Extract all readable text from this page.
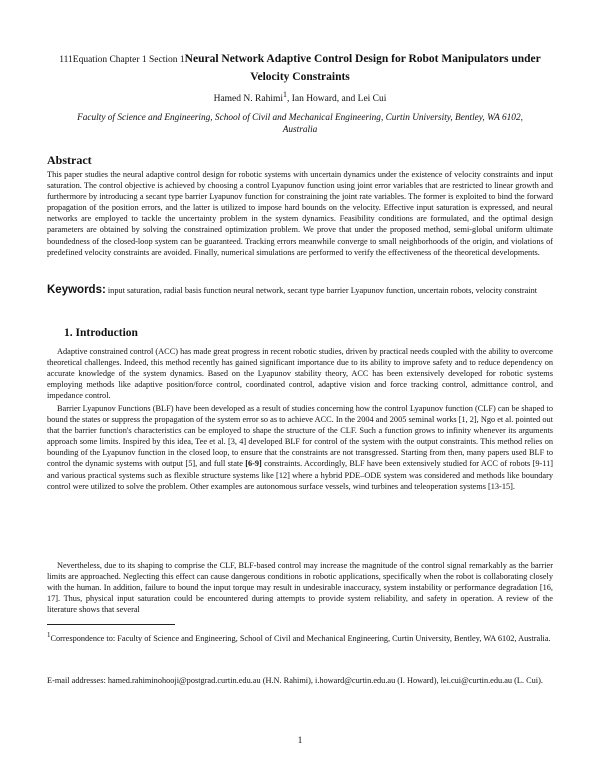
111Equation Chapter 1 Section 1Neural Network Adaptive Control Design for Robot Manipulators under Velocity Constraints
Hamed N. Rahimi$^1$, Ian Howard, and Lei Cui
Faculty of Science and Engineering, School of Civil and Mechanical Engineering, Curtin University, Bentley, WA 6102, Australia
Abstract
This paper studies the neural adaptive control design for robotic systems with uncertain dynamics under the existence of velocity constraints and input saturation. The control objective is achieved by choosing a control Lyapunov function using joint error variables that are restricted to linear growth and furthermore by introducing a secant type barrier Lyapunov function for constraining the joint rate variables. The former is exploited to bind the forward propagation of the position errors, and the latter is utilized to impose hard bounds on the velocity. Effective input saturation is expressed, and neural networks are employed to tackle the uncertainty problem in the system dynamics. Feasibility conditions are formulated, and the optimal design parameters are obtained by solving the constrained optimization problem. We prove that under the proposed method, semi-global uniform ultimate boundedness of the closed-loop system can be guaranteed. Tracking errors meanwhile converge to small neighborhoods of the origin, and violations of predefined velocity constraints are avoided. Finally, numerical simulations are performed to verify the effectiveness of the theoretical developments.
Keywords: input saturation, radial basis function neural network, secant type barrier Lyapunov function, uncertain robots, velocity constraint
1. Introduction
Adaptive constrained control (ACC) has made great progress in recent robotic studies, driven by practical needs coupled with the ability to overcome theoretical challenges. Indeed, this method recently has gained significant importance due to its ability to improve safety and to reduce dependency on accurate knowledge of the system dynamics. Based on the Lyapunov stability theory, ACC has been extensively developed for robotic systems employing methods like adaptive position/force control, coordinated control, adaptive vision and force tracking control, admittance control, and impedance control.
Barrier Lyapunov Functions (BLF) have been developed as a result of studies concerning how the control Lyapunov function (CLF) can be shaped to bound the states or suppress the propagation of the system error so as to achieve ACC. In the 2004 and 2005 seminal works [1, 2], Ngo et al. pointed out that the barrier function's characteristics can be employed to shape the structure of the CLF. Such a function grows to infinity whenever its arguments approach some limits. Inspired by this idea, Tee et al. [3, 4] developed BLF for control of the system with the output constraints. This method relies on bounding of the Lyapunov function in the closed loop, to ensure that the constraints are not transgressed. Starting from then, many papers used BLF to control the dynamic systems with output [5], and full state [6-9] constraints. Accordingly, BLF have been extensively studied for ACC of robots [9-11] and various practical systems such as flexible structure systems like [12] where a hybrid PDE–ODE system was considered and methods like boundary control were utilized to solve the problem. Other examples are autonomous surface vessels, wind turbines and teleoperation systems [13-15].
Nevertheless, due to its shaping to comprise the CLF, BLF-based control may increase the magnitude of the control signal remarkably as the barrier limits are approached. Neglecting this effect can cause dangerous conditions in robotic applications, specifically when the robot is collaborating closely with the human. In addition, failure to bound the input torque may result in undesirable inaccuracy, system instability or performance degradation [16, 17]. Thus, physical input saturation could be encountered during attempts to provide system reliability, and safety in operation. A review of the literature shows that several
$^1$Correspondence to: Faculty of Science and Engineering, School of Civil and Mechanical Engineering, Curtin University, Bentley, WA 6102, Australia.
E-mail addresses: hamed.rahiminohooji@postgrad.curtin.edu.au (H.N. Rahimi), i.howard@curtin.edu.au (I. Howard), lei.cui@curtin.edu.au (L. Cui).
1
